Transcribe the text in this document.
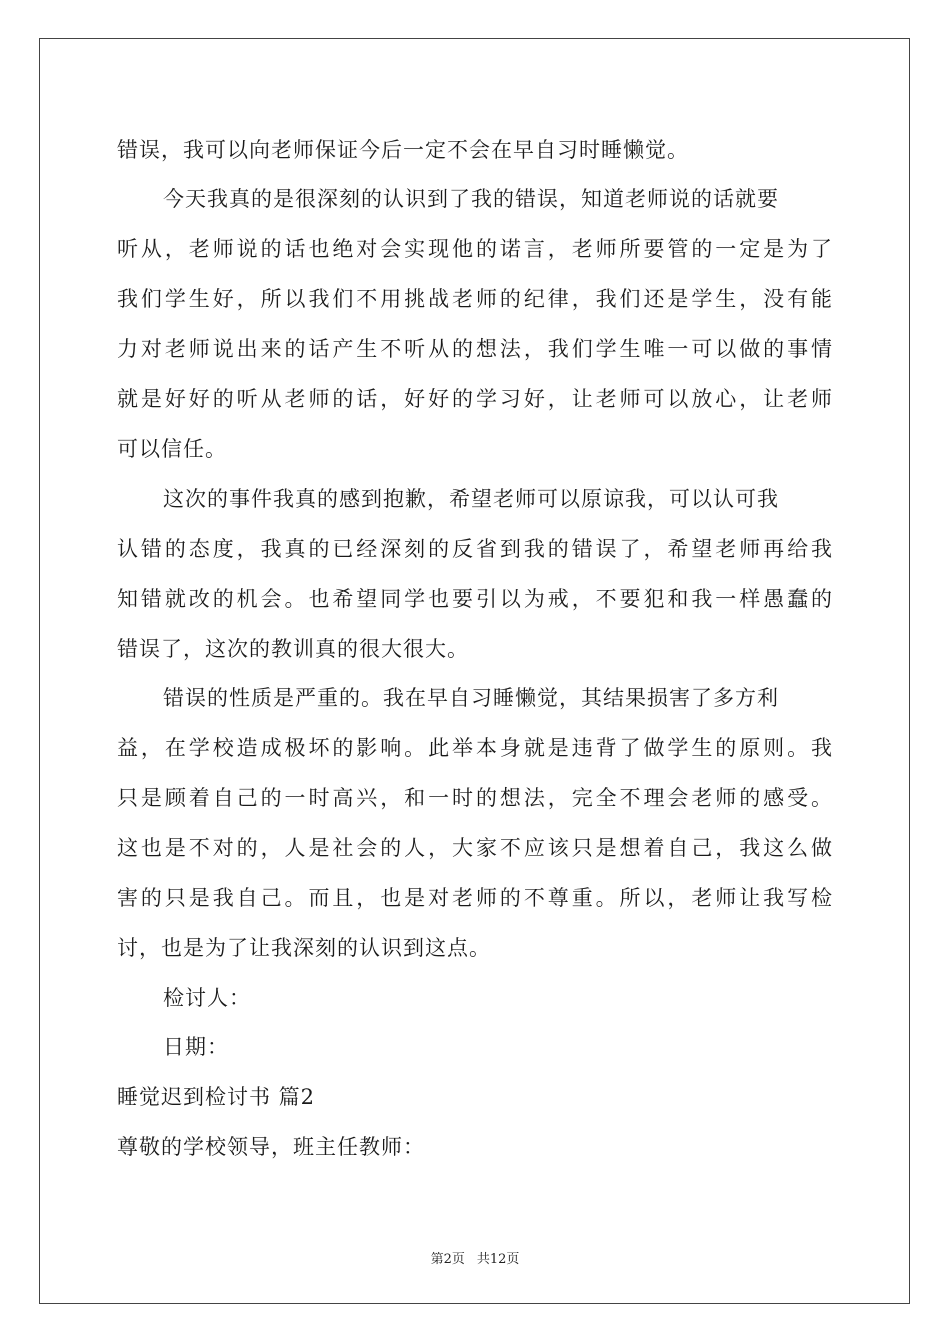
错误，我可以向老师保证今后一定不会在早自习时睡懒觉。
今天我真的是很深刻的认识到了我的错误，知道老师说的话就要
听从，老师说的话也绝对会实现他的诺言，老师所要管的一定是为了
我们学生好，所以我们不用挑战老师的纪律，我们还是学生，没有能
力对老师说出来的话产生不听从的想法，我们学生唯一可以做的事情
就是好好的听从老师的话，好好的学习好，让老师可以放心，让老师
可以信任。
这次的事件我真的感到抱歉，希望老师可以原谅我，可以认可我
认错的态度，我真的已经深刻的反省到我的错误了，希望老师再给我
知错就改的机会。也希望同学也要引以为戒，不要犯和我一样愚蠢的
错误了，这次的教训真的很大很大。
错误的性质是严重的。我在早自习睡懒觉，其结果损害了多方利
益，在学校造成极坏的影响。此举本身就是违背了做学生的原则。我
只是顾着自己的一时高兴，和一时的想法，完全不理会老师的感受。
这也是不对的，人是社会的人，大家不应该只是想着自己，我这么做
害的只是我自己。而且，也是对老师的不尊重。所以，老师让我写检
讨，也是为了让我深刻的认识到这点。
检讨人：
日期：
睡觉迟到检讨书 篇2
尊敬的学校领导，班主任教师：
第2页 共12页
